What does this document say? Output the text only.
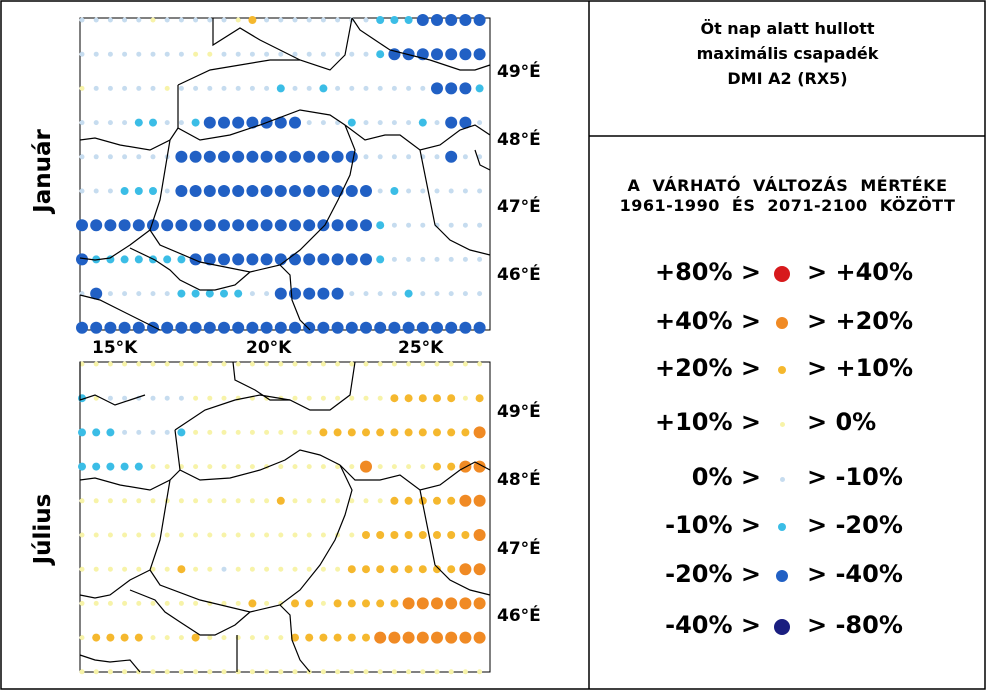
Január
Július
15°K	20°K	25°K
49°É
48°É
47°É
46°É
49°É
48°É
47°É
46°É
Öt nap alatt hullott
maximális csapadék
DMI A2 (RX5)
A VÁRHATÓ VÁLTOZÁS MÉRTÉKE
1961-1990 ÉS 2071-2100 KÖZÖTT
+80% > > +40%
+40% > > +20%
+20% > > +10%
+10% > > 0%
0% > > -10%
-10% > > -20%
-20% > > -40%
-40% > > -80%
